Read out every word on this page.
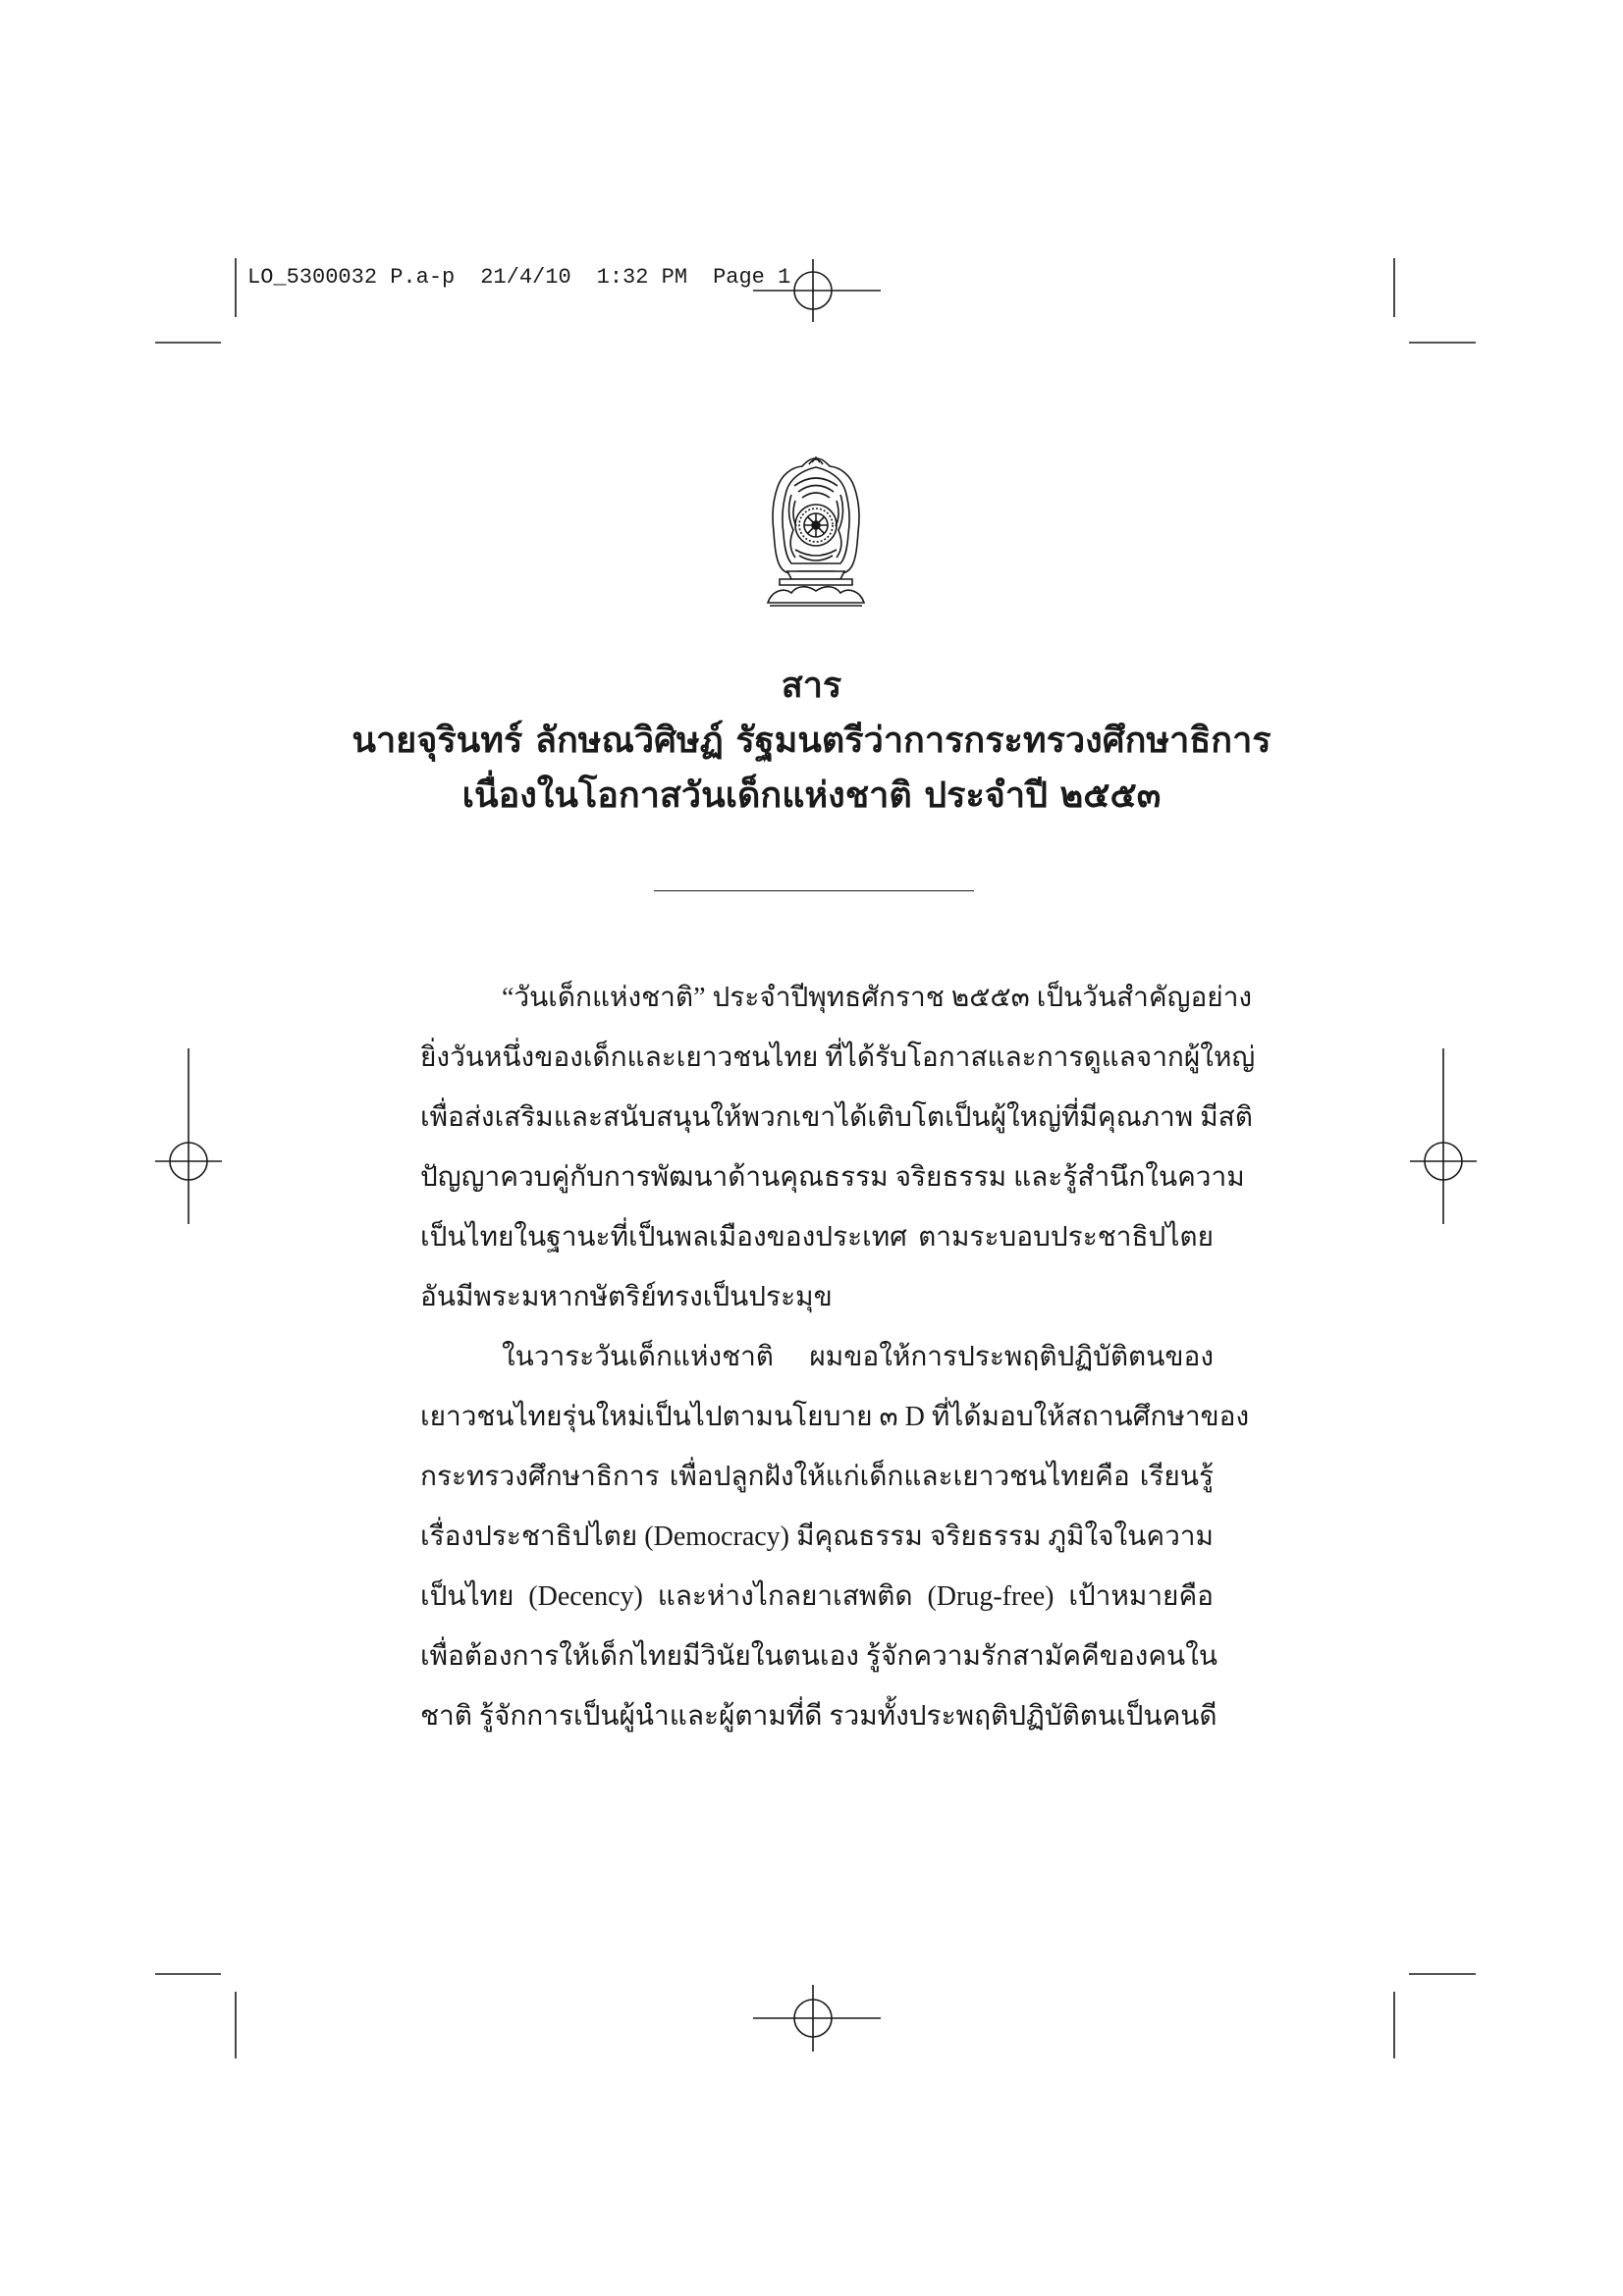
LO_5300032 P.a-p 21/4/10 1:32 PM Page 1
สาร
นายจุรินทร์ ลักษณวิศิษฏ์ รัฐมนตรีว่าการกระทรวงศึกษาธิการ
เนื่องในโอกาสวันเด็กแห่งชาติ ประจำปี ๒๕๕๓
“วันเด็กแห่งชาติ” ประจำปีพุทธศักราช ๒๕๕๓ เป็นวันสำคัญอย่าง
ยิ่งวันหนึ่งของเด็กและเยาวชนไทย ที่ได้รับโอกาสและการดูแลจากผู้ใหญ่
เพื่อส่งเสริมและสนับสนุนให้พวกเขาได้เติบโตเป็นผู้ใหญ่ที่มีคุณภาพ มีสติ
ปัญญาควบคู่กับการพัฒนาด้านคุณธรรม จริยธรรม และรู้สำนึกในความ
เป็นไทยในฐานะที่เป็นพลเมืองของประเทศ ตามระบอบประชาธิปไตย
อันมีพระมหากษัตริย์ทรงเป็นประมุข
ในวาระวันเด็กแห่งชาติ ผมขอให้การประพฤติปฏิบัติตนของ
เยาวชนไทยรุ่นใหม่เป็นไปตามนโยบาย ๓ D ที่ได้มอบให้สถานศึกษาของ
กระทรวงศึกษาธิการ เพื่อปลูกฝังให้แก่เด็กและเยาวชนไทยคือ เรียนรู้
เรื่องประชาธิปไตย (Democracy) มีคุณธรรม จริยธรรม ภูมิใจในความ
เป็นไทย (Decency) และห่างไกลยาเสพติด (Drug-free) เป้าหมายคือ
เพื่อต้องการให้เด็กไทยมีวินัยในตนเอง รู้จักความรักสามัคคีของคนใน
ชาติ รู้จักการเป็นผู้นำและผู้ตามที่ดี รวมทั้งประพฤติปฏิบัติตนเป็นคนดี
